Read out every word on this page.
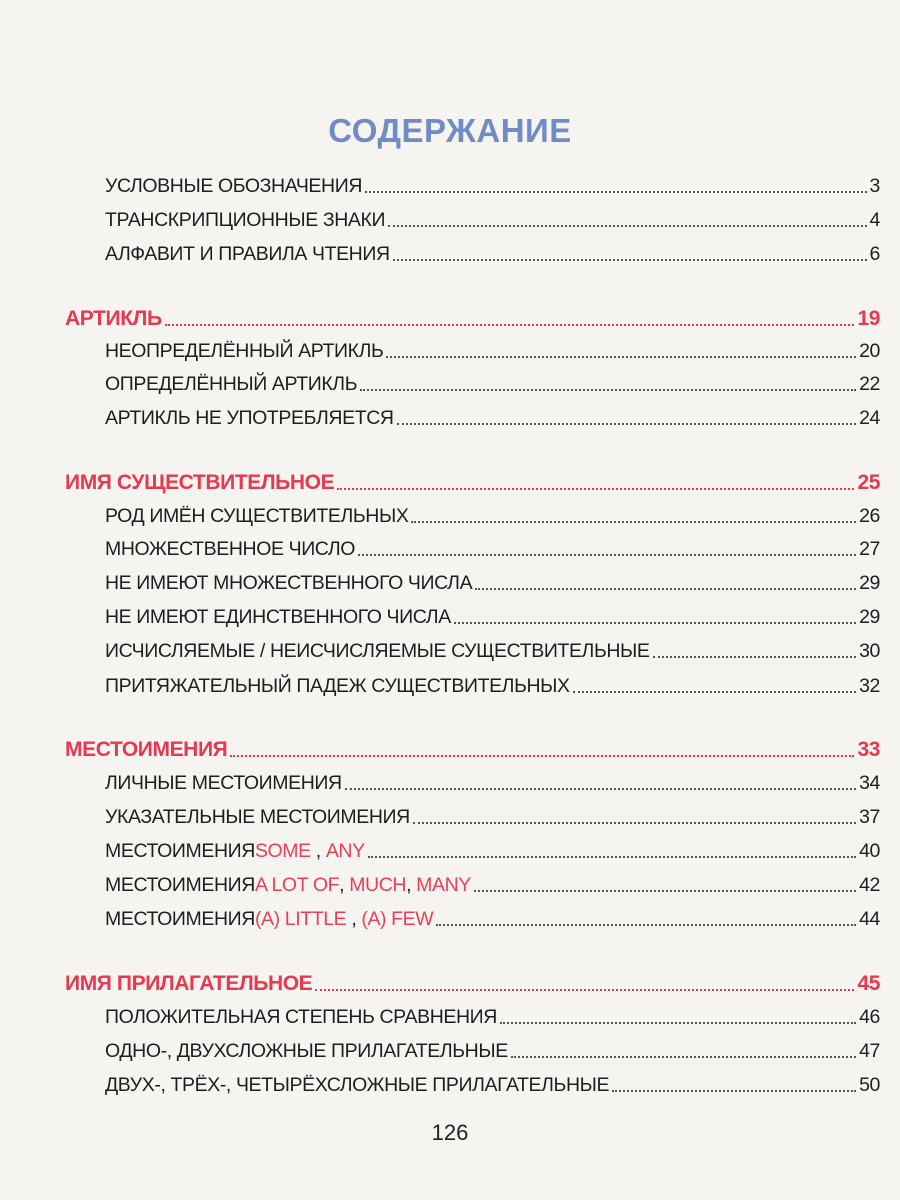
СОДЕРЖАНИЕ
УСЛОВНЫЕ ОБОЗНАЧЕНИЯ	3
ТРАНСКРИПЦИОННЫЕ ЗНАКИ	4
АЛФАВИТ И ПРАВИЛА ЧТЕНИЯ	6
АРТИКЛЬ	19
НЕОПРЕДЕЛЁННЫЙ АРТИКЛЬ	20
ОПРЕДЕЛЁННЫЙ АРТИКЛЬ	22
АРТИКЛЬ НЕ УПОТРЕБЛЯЕТСЯ	24
ИМЯ СУЩЕСТВИТЕЛЬНОЕ	25
РОД ИМЁН СУЩЕСТВИТЕЛЬНЫХ	26
МНОЖЕСТВЕННОЕ ЧИСЛО	27
НЕ ИМЕЮТ МНОЖЕСТВЕННОГО ЧИСЛА	29
НЕ ИМЕЮТ ЕДИНСТВЕННОГО ЧИСЛА	29
ИСЧИСЛЯЕМЫЕ / НЕИСЧИСЛЯЕМЫЕ СУЩЕСТВИТЕЛЬНЫЕ	30
ПРИТЯЖАТЕЛЬНЫЙ ПАДЕЖ СУЩЕСТВИТЕЛЬНЫХ	32
МЕСТОИМЕНИЯ	33
ЛИЧНЫЕ МЕСТОИМЕНИЯ	34
УКАЗАТЕЛЬНЫЕ МЕСТОИМЕНИЯ	37
МЕСТОИМЕНИЯ SOME , ANY	40
МЕСТОИМЕНИЯ A LOT OF , MUCH , MANY	42
МЕСТОИМЕНИЯ (A) LITTLE , (A) FEW	44
ИМЯ ПРИЛАГАТЕЛЬНОЕ	45
ПОЛОЖИТЕЛЬНАЯ СТЕПЕНЬ СРАВНЕНИЯ	46
ОДНО-, ДВУХСЛОЖНЫЕ ПРИЛАГАТЕЛЬНЫЕ	47
ДВУХ-, ТРЁХ-, ЧЕТЫРЁХСЛОЖНЫЕ ПРИЛАГАТЕЛЬНЫЕ	50
126
